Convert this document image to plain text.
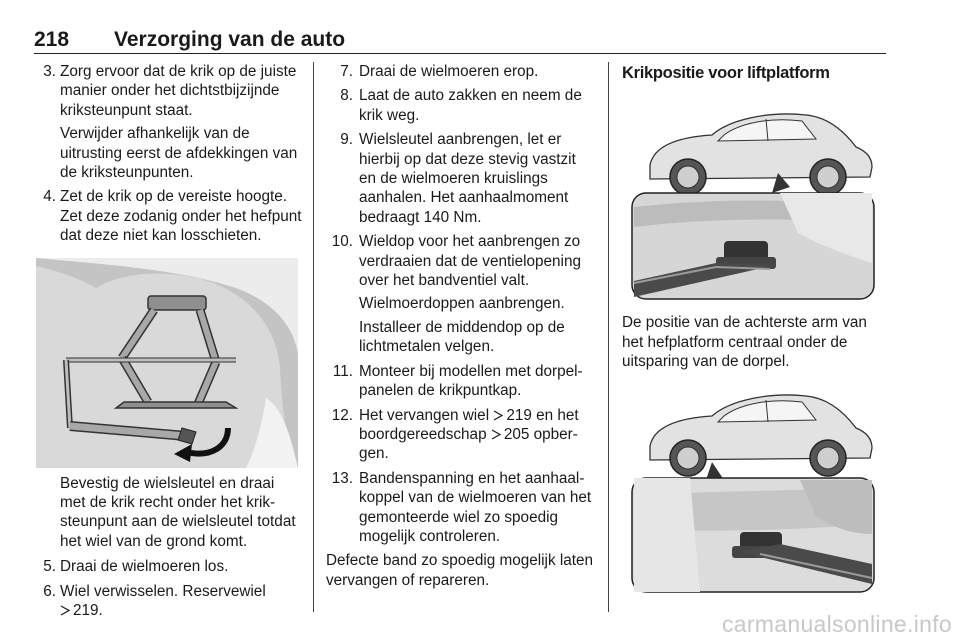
218 Verzorging van de auto
3. Zorg ervoor dat de krik op de juiste manier onder het dichtstbijzijnde kriksteunpunt staat.
Verwijder afhankelijk van de uitrusting eerst de afdekkingen van de kriksteunpunten.
4. Zet de krik op de vereiste hoogte. Zet deze zodanig onder het hefpunt dat deze niet kan losschieten.
Bevestig de wielsleutel en draai met de krik recht onder het kriksteunpunt aan de wielsleutel totdat het wiel van de grond komt.
5. Draai de wielmoeren los.
6. Wiel verwisselen. Reservewiel
219.
7. Draai de wielmoeren erop.
8. Laat de auto zakken en neem de krik weg.
9. Wielsleutel aanbrengen, let er hierbij op dat deze stevig vastzit en de wielmoeren kruislings aanhalen. Het aanhaalmoment bedraagt 140 Nm.
10. Wieldop voor het aanbrengen zo verdraaien dat de ventielopening over het bandventiel valt.
Wielmoerdoppen aanbrengen.
Installeer de middendop op de lichtmetalen velgen.
11. Monteer bij modellen met dorpelpanelen de krikpuntkap.
12. Het vervangen wiel 219 en het boordgereedschap 205 opbergen.
13. Bandenspanning en het aanhaalkoppel van de wielmoeren van het gemonteerde wiel zo spoedig mogelijk controleren.
Defecte band zo spoedig mogelijk laten vervangen of repareren.
Krikpositie voor liftplatform
De positie van de achterste arm van het hefplatform centraal onder de uitsparing van de dorpel.
carmanualsonline.info
